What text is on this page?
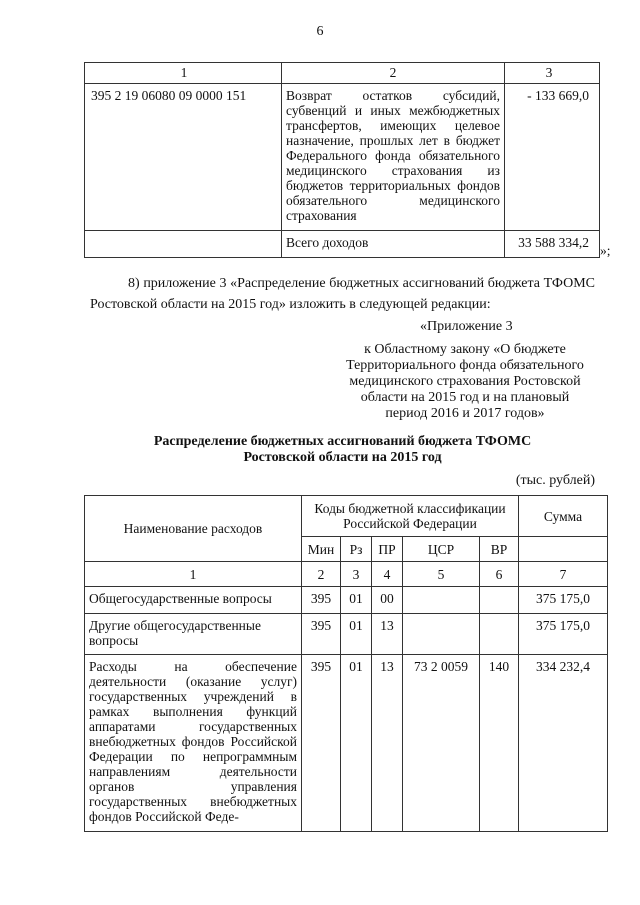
6
1	2	3
395 2 19 06080 09 0000 151	Возврат остатков субсидий, субвенций и иных межбюджетных трансфертов, имеющих целевое назначение, прошлых лет в бюджет Федерального фонда обязательного медицинского страхования из бюджетов территориальных фондов обязательного медицинского страхования	- 133 669,0
	Всего доходов	33 588 334,2
»;
8) приложение 3 «Распределение бюджетных ассигнований бюджета ТФОМС Ростовской области на 2015 год» изложить в следующей редакции:
«Приложение 3
к Областному закону «О бюджете
Территориального фонда обязательного
медицинского страхования Ростовской
области на 2015 год и на плановый
период 2016 и 2017 годов»
Распределение бюджетных ассигнований бюджета ТФОМС
Ростовской области на 2015 год
(тыс. рублей)
Наименование расходов	Коды бюджетной классификации Российской Федерации					Сумма
	Мин	Рз	ПР	ЦСР	ВР	
1	2	3	4	5	6	7
Общегосударственные вопросы	395	01	00			375 175,0
Другие общегосударственные вопросы	395	01	13			375 175,0
Расходы на обеспечение деятельности (оказание услуг) государственных учреждений в рамках выполнения функций аппаратами государственных внебюджетных фондов Российской Федерации по непрограммным направлениям деятельности органов управления государственных внебюджетных фондов Российской Феде-	395	01	13	73 2 0059	140	334 232,4
